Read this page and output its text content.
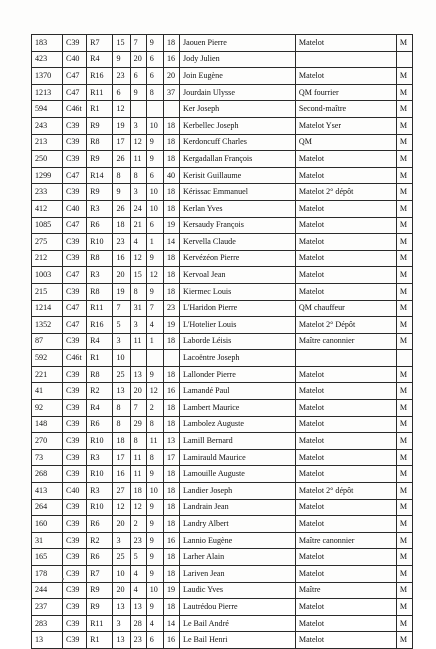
183	C39	R7	15	7	9	18	Jaouen Pierre	Matelot	M
423	C40	R4	9	20	6	16	Jody Julien		
1370	C47	R16	23	6	6	20	Join Eugène	Matelot	M
1213	C47	R11	6	9	8	37	Jourdain Ulysse	QM fourrier	M
594	C46t	R1	12				Ker Joseph	Second-maître	M
243	C39	R9	19	3	10	18	Kerbellec Joseph	Matelot Yser	M
213	C39	R8	17	12	9	18	Kerdoncuff Charles	QM	M
250	C39	R9	26	11	9	18	Kergadallan François	Matelot	M
1299	C47	R14	8	8	6	40	Kerisit Guillaume	Matelot	M
233	C39	R9	9	3	10	18	Kérissac Emmanuel	Matelot 2° dépôt	M
412	C40	R3	26	24	10	18	Kerlan Yves	Matelot	M
1085	C47	R6	18	21	6	19	Kersaudy François	Matelot	M
275	C39	R10	23	4	1	14	Kervella Claude	Matelot	M
212	C39	R8	16	12	9	18	Kervézéon Pierre	Matelot	M
1003	C47	R3	20	15	12	18	Kervoal Jean	Matelot	M
215	C39	R8	19	8	9	18	Kiermec Louis	Matelot	M
1214	C47	R11	7	31	7	23	L'Haridon Pierre	QM chauffeur	M
1352	C47	R16	5	3	4	19	L'Hotelier Louis	Matelot 2° Dépôt	M
87	C39	R4	3	11	1	18	Laborde Léisis	Maître canonnier	M
592	C46t	R1	10				Lacoëntre Joseph		
221	C39	R8	25	13	9	18	Lallonder Pierre	Matelot	M
41	C39	R2	13	20	12	16	Lamandé Paul	Matelot	M
92	C39	R4	8	7	2	18	Lambert Maurice	Matelot	M
148	C39	R6	8	29	8	18	Lambolez Auguste	Matelot	M
270	C39	R10	18	8	11	13	Lamill Bernard	Matelot	M
73	C39	R3	17	11	8	17	Lamirauld Maurice	Matelot	M
268	C39	R10	16	11	9	18	Lamouille Auguste	Matelot	M
413	C40	R3	27	18	10	18	Landier Joseph	Matelot 2° dépôt	M
264	C39	R10	12	12	9	18	Landrain Jean	Matelot	M
160	C39	R6	20	2	9	18	Landry Albert	Matelot	M
31	C39	R2	3	23	9	16	Lannio Eugène	Maître canonnier	M
165	C39	R6	25	5	9	18	Larher Alain	Matelot	M
178	C39	R7	10	4	9	18	Lariven Jean	Matelot	M
244	C39	R9	20	4	10	19	Laudic Yves	Maître	M
237	C39	R9	13	13	9	18	Lautrédou Pierre	Matelot	M
283	C39	R11	3	28	4	14	Le Bail André	Matelot	M
13	C39	R1	13	23	6	16	Le Bail Henri	Matelot	M
